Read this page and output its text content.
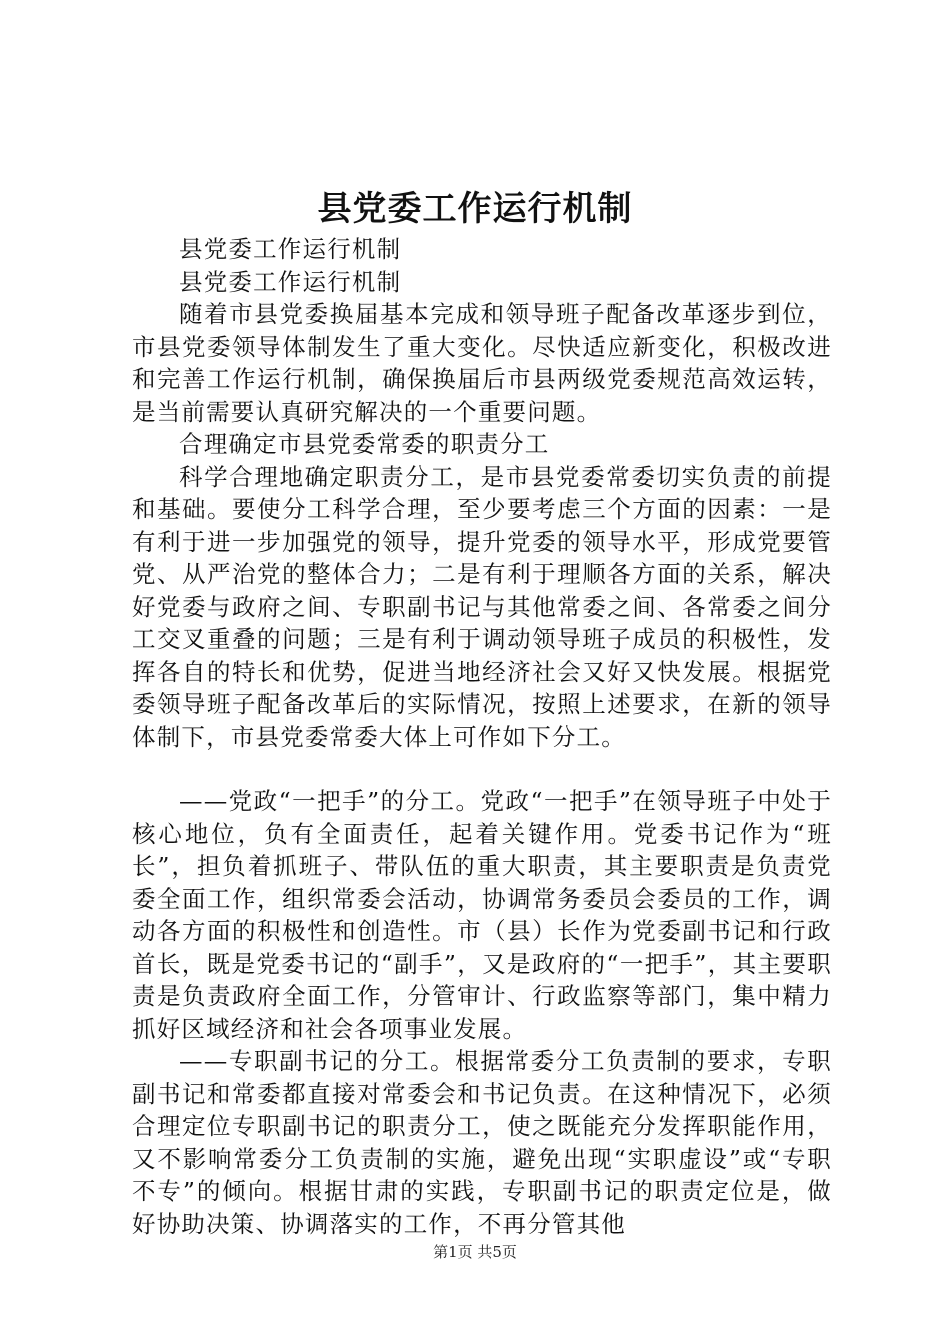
县党委工作运行机制

县党委工作运行机制

县党委工作运行机制

随着市县党委换届基本完成和领导班子配备改革逐步到位，市县党委领导体制发生了重大变化。尽快适应新变化，积极改进和完善工作运行机制，确保换届后市县两级党委规范高效运转，是当前需要认真研究解决的一个重要问题。

合理确定市县党委常委的职责分工

科学合理地确定职责分工，是市县党委常委切实负责的前提和基础。要使分工科学合理，至少要考虑三个方面的因素：一是有利于进一步加强党的领导，提升党委的领导水平，形成党要管党、从严治党的整体合力；二是有利于理顺各方面的关系，解决好党委与政府之间、专职副书记与其他常委之间、各常委之间分工交叉重叠的问题；三是有利于调动领导班子成员的积极性，发挥各自的特长和优势，促进当地经济社会又好又快发展。根据党委领导班子配备改革后的实际情况，按照上述要求，在新的领导体制下，市县党委常委大体上可作如下分工。

——党政“一把手”的分工。党政“一把手”在领导班子中处于核心地位，负有全面责任，起着关键作用。党委书记作为“班长”，担负着抓班子、带队伍的重大职责，其主要职责是负责党委全面工作，组织常委会活动，协调常务委员会委员的工作，调动各方面的积极性和创造性。市（县）长作为党委副书记和行政首长，既是党委书记的“副手”，又是政府的“一把手”，其主要职责是负责政府全面工作，分管审计、行政监察等部门，集中精力抓好区域经济和社会各项事业发展。

——专职副书记的分工。根据常委分工负责制的要求，专职副书记和常委都直接对常委会和书记负责。在这种情况下，必须合理定位专职副书记的职责分工，使之既能充分发挥职能作用，又不影响常委分工负责制的实施，避免出现“实职虚设”或“专职不专”的倾向。根据甘肃的实践，专职副书记的职责定位是，做好协助决策、协调落实的工作，不再分管其他

第1页 共5页
